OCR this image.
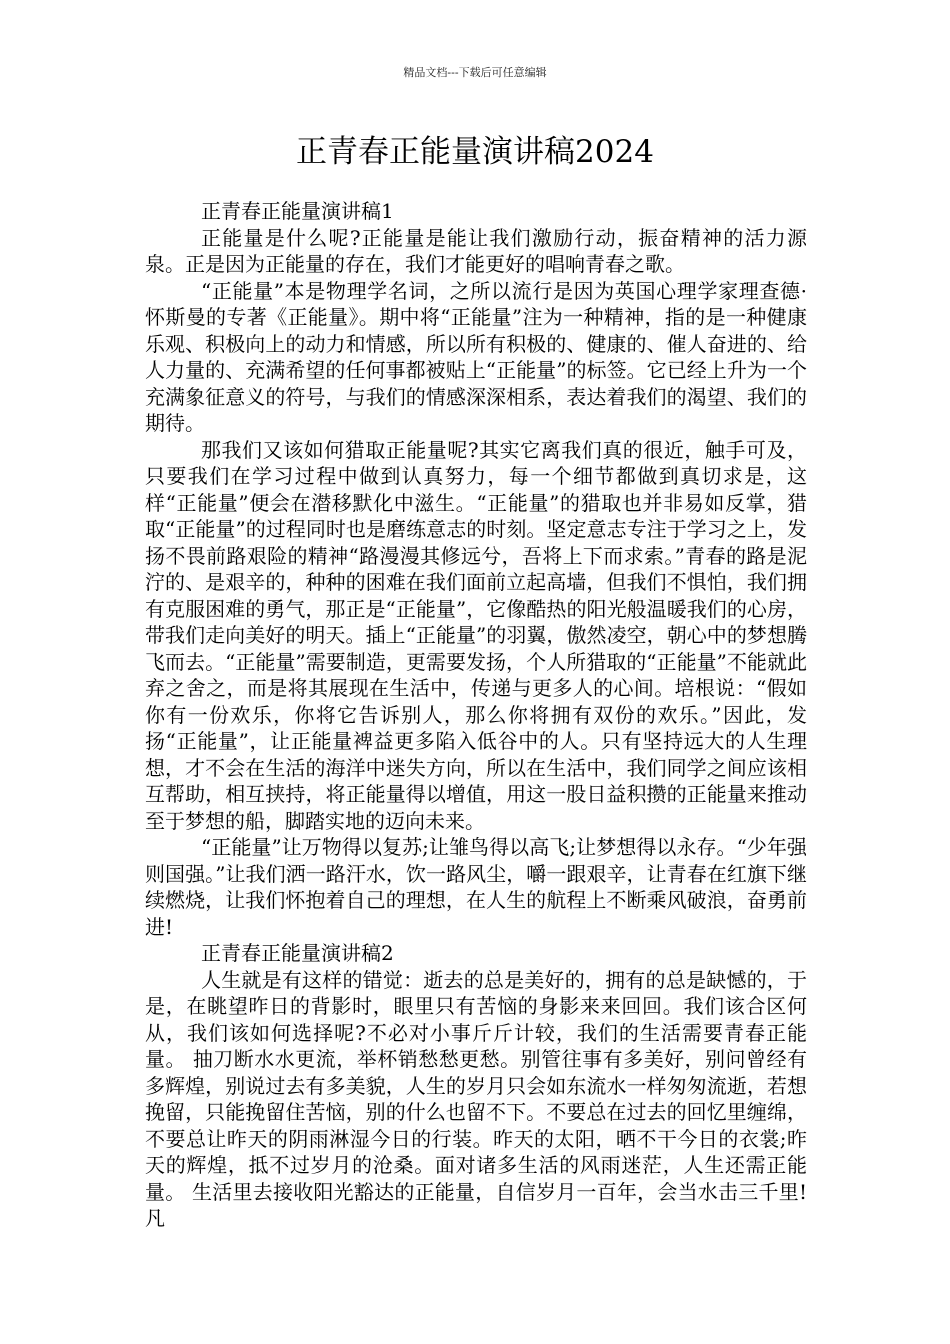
精品文档---下载后可任意编辑
正青春正能量演讲稿2024

正青春正能量演讲稿1

正能量是什么呢?正能量是能让我们激励行动，振奋精神的活力源泉。正是因为正能量的存在，我们才能更好的唱响青春之歌。

“正能量”本是物理学名词，之所以流行是因为英国心理学家理查德·怀斯曼的专著《正能量》。期中将“正能量”注为一种精神，指的是一种健康乐观、积极向上的动力和情感，所以所有积极的、健康的、催人奋进的、给人力量的、充满希望的任何事都被贴上“正能量”的标签。它已经上升为一个充满象征意义的符号，与我们的情感深深相系，表达着我们的渴望、我们的期待。

那我们又该如何猎取正能量呢?其实它离我们真的很近，触手可及，只要我们在学习过程中做到认真努力，每一个细节都做到真切求是，这样“正能量”便会在潜移默化中滋生。“正能量”的猎取也并非易如反掌，猎取“正能量”的过程同时也是磨练意志的时刻。坚定意志专注于学习之上，发扬不畏前路艰险的精神“路漫漫其修远兮，吾将上下而求索。”青春的路是泥泞的、是艰辛的，种种的困难在我们面前立起高墙，但我们不惧怕，我们拥有克服困难的勇气，那正是“正能量”，它像酷热的阳光般温暖我们的心房，带我们走向美好的明天。插上“正能量”的羽翼，傲然凌空，朝心中的梦想腾飞而去。“正能量”需要制造，更需要发扬，个人所猎取的“正能量”不能就此弃之舍之，而是将其展现在生活中，传递与更多人的心间。培根说：“假如你有一份欢乐，你将它告诉别人，那么你将拥有双份的欢乐。”因此，发扬“正能量”，让正能量裨益更多陷入低谷中的人。只有坚持远大的人生理想，才不会在生活的海洋中迷失方向，所以在生活中，我们同学之间应该相互帮助，相互挟持，将正能量得以增值，用这一股日益积攒的正能量来推动至于梦想的船，脚踏实地的迈向未来。

“正能量”让万物得以复苏;让雏鸟得以高飞;让梦想得以永存。“少年强则国强。”让我们洒一路汗水，饮一路风尘，嚼一跟艰辛，让青春在红旗下继续燃烧，让我们怀抱着自己的理想，在人生的航程上不断乘风破浪，奋勇前进!

正青春正能量演讲稿2

人生就是有这样的错觉：逝去的总是美好的，拥有的总是缺憾的，于是，在眺望昨日的背影时，眼里只有苦恼的身影来来回回。我们该合区何从，我们该如何选择呢?不必对小事斤斤计较，我们的生活需要青春正能量。 抽刀断水水更流，举杯销愁愁更愁。别管往事有多美好，别问曾经有多辉煌，别说过去有多美貌，人生的岁月只会如东流水一样匆匆流逝，若想挽留，只能挽留住苦恼，别的什么也留不下。不要总在过去的回忆里缠绵，不要总让昨天的阴雨淋湿今日的行装。昨天的太阳，晒不干今日的衣裳;昨天的辉煌，抵不过岁月的沧桑。面对诸多生活的风雨迷茫，人生还需正能量。 生活里去接收阳光豁达的正能量，自信岁月一百年，会当水击三千里!凡
